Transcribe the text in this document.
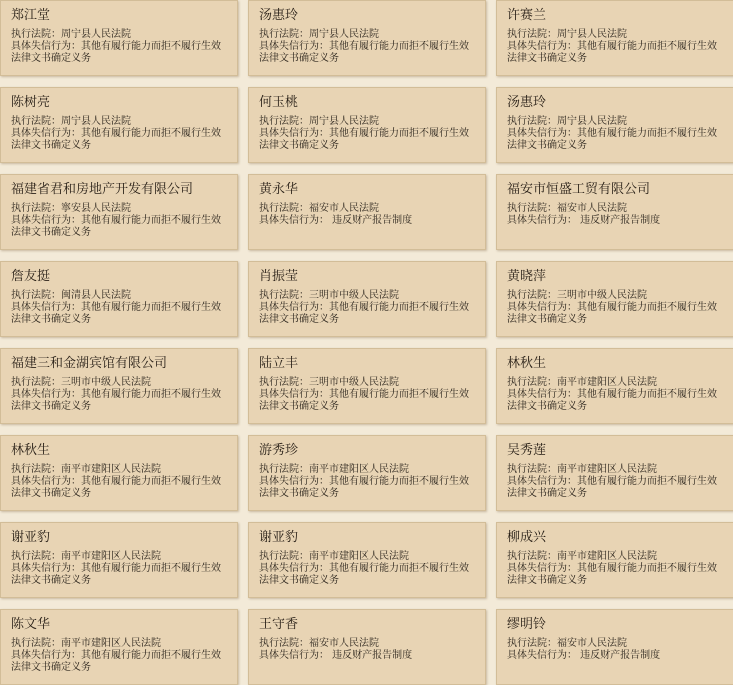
郑江堂
执行法院：周宁县人民法院
具体失信行为：其他有履行能力而拒不履行生效法律文书确定义务
汤惠玲
执行法院：周宁县人民法院
具体失信行为：其他有履行能力而拒不履行生效法律文书确定义务
许赛兰
执行法院：周宁县人民法院
具体失信行为：其他有履行能力而拒不履行生效法律文书确定义务
陈树亮
执行法院：周宁县人民法院
具体失信行为：其他有履行能力而拒不履行生效法律文书确定义务
何玉桃
执行法院：周宁县人民法院
具体失信行为：其他有履行能力而拒不履行生效法律文书确定义务
汤惠玲
执行法院：周宁县人民法院
具体失信行为：其他有履行能力而拒不履行生效法律文书确定义务
福建省君和房地产开发有限公司
执行法院：寧安县人民法院
具体失信行为：其他有履行能力而拒不履行生效法律文书确定义务
黄永华
执行法院：福安市人民法院
具体失信行为： 违反财产报告制度
福安市恒盛工贸有限公司
执行法院：福安市人民法院
具体失信行为： 违反财产报告制度
詹友挺
执行法院：闽清县人民法院
具体失信行为：其他有履行能力而拒不履行生效法律文书确定义务
肖振莹
执行法院：三明市中级人民法院
具体失信行为：其他有履行能力而拒不履行生效法律文书确定义务
黄晓萍
执行法院：三明市中级人民法院
具体失信行为：其他有履行能力而拒不履行生效法律文书确定义务
福建三和金湖宾馆有限公司
执行法院：三明市中级人民法院
具体失信行为：其他有履行能力而拒不履行生效法律文书确定义务
陆立丰
执行法院：三明市中级人民法院
具体失信行为：其他有履行能力而拒不履行生效法律文书确定义务
林秋生
执行法院：南平市建阳区人民法院
具体失信行为：其他有履行能力而拒不履行生效法律文书确定义务
林秋生
执行法院：南平市建阳区人民法院
具体失信行为：其他有履行能力而拒不履行生效法律文书确定义务
游秀珍
执行法院：南平市建阳区人民法院
具体失信行为：其他有履行能力而拒不履行生效法律文书确定义务
吴秀莲
执行法院：南平市建阳区人民法院
具体失信行为：其他有履行能力而拒不履行生效法律文书确定义务
谢亚豹
执行法院：南平市建阳区人民法院
具体失信行为：其他有履行能力而拒不履行生效法律文书确定义务
谢亚豹
执行法院：南平市建阳区人民法院
具体失信行为：其他有履行能力而拒不履行生效法律文书确定义务
柳成兴
执行法院：南平市建阳区人民法院
具体失信行为：其他有履行能力而拒不履行生效法律文书确定义务
陈文华
执行法院：南平市建阳区人民法院
具体失信行为：其他有履行能力而拒不履行生效法律文书确定义务
王守香
执行法院：福安市人民法院
具体失信行为： 违反财产报告制度
缪明铃
执行法院：福安市人民法院
具体失信行为： 违反财产报告制度
